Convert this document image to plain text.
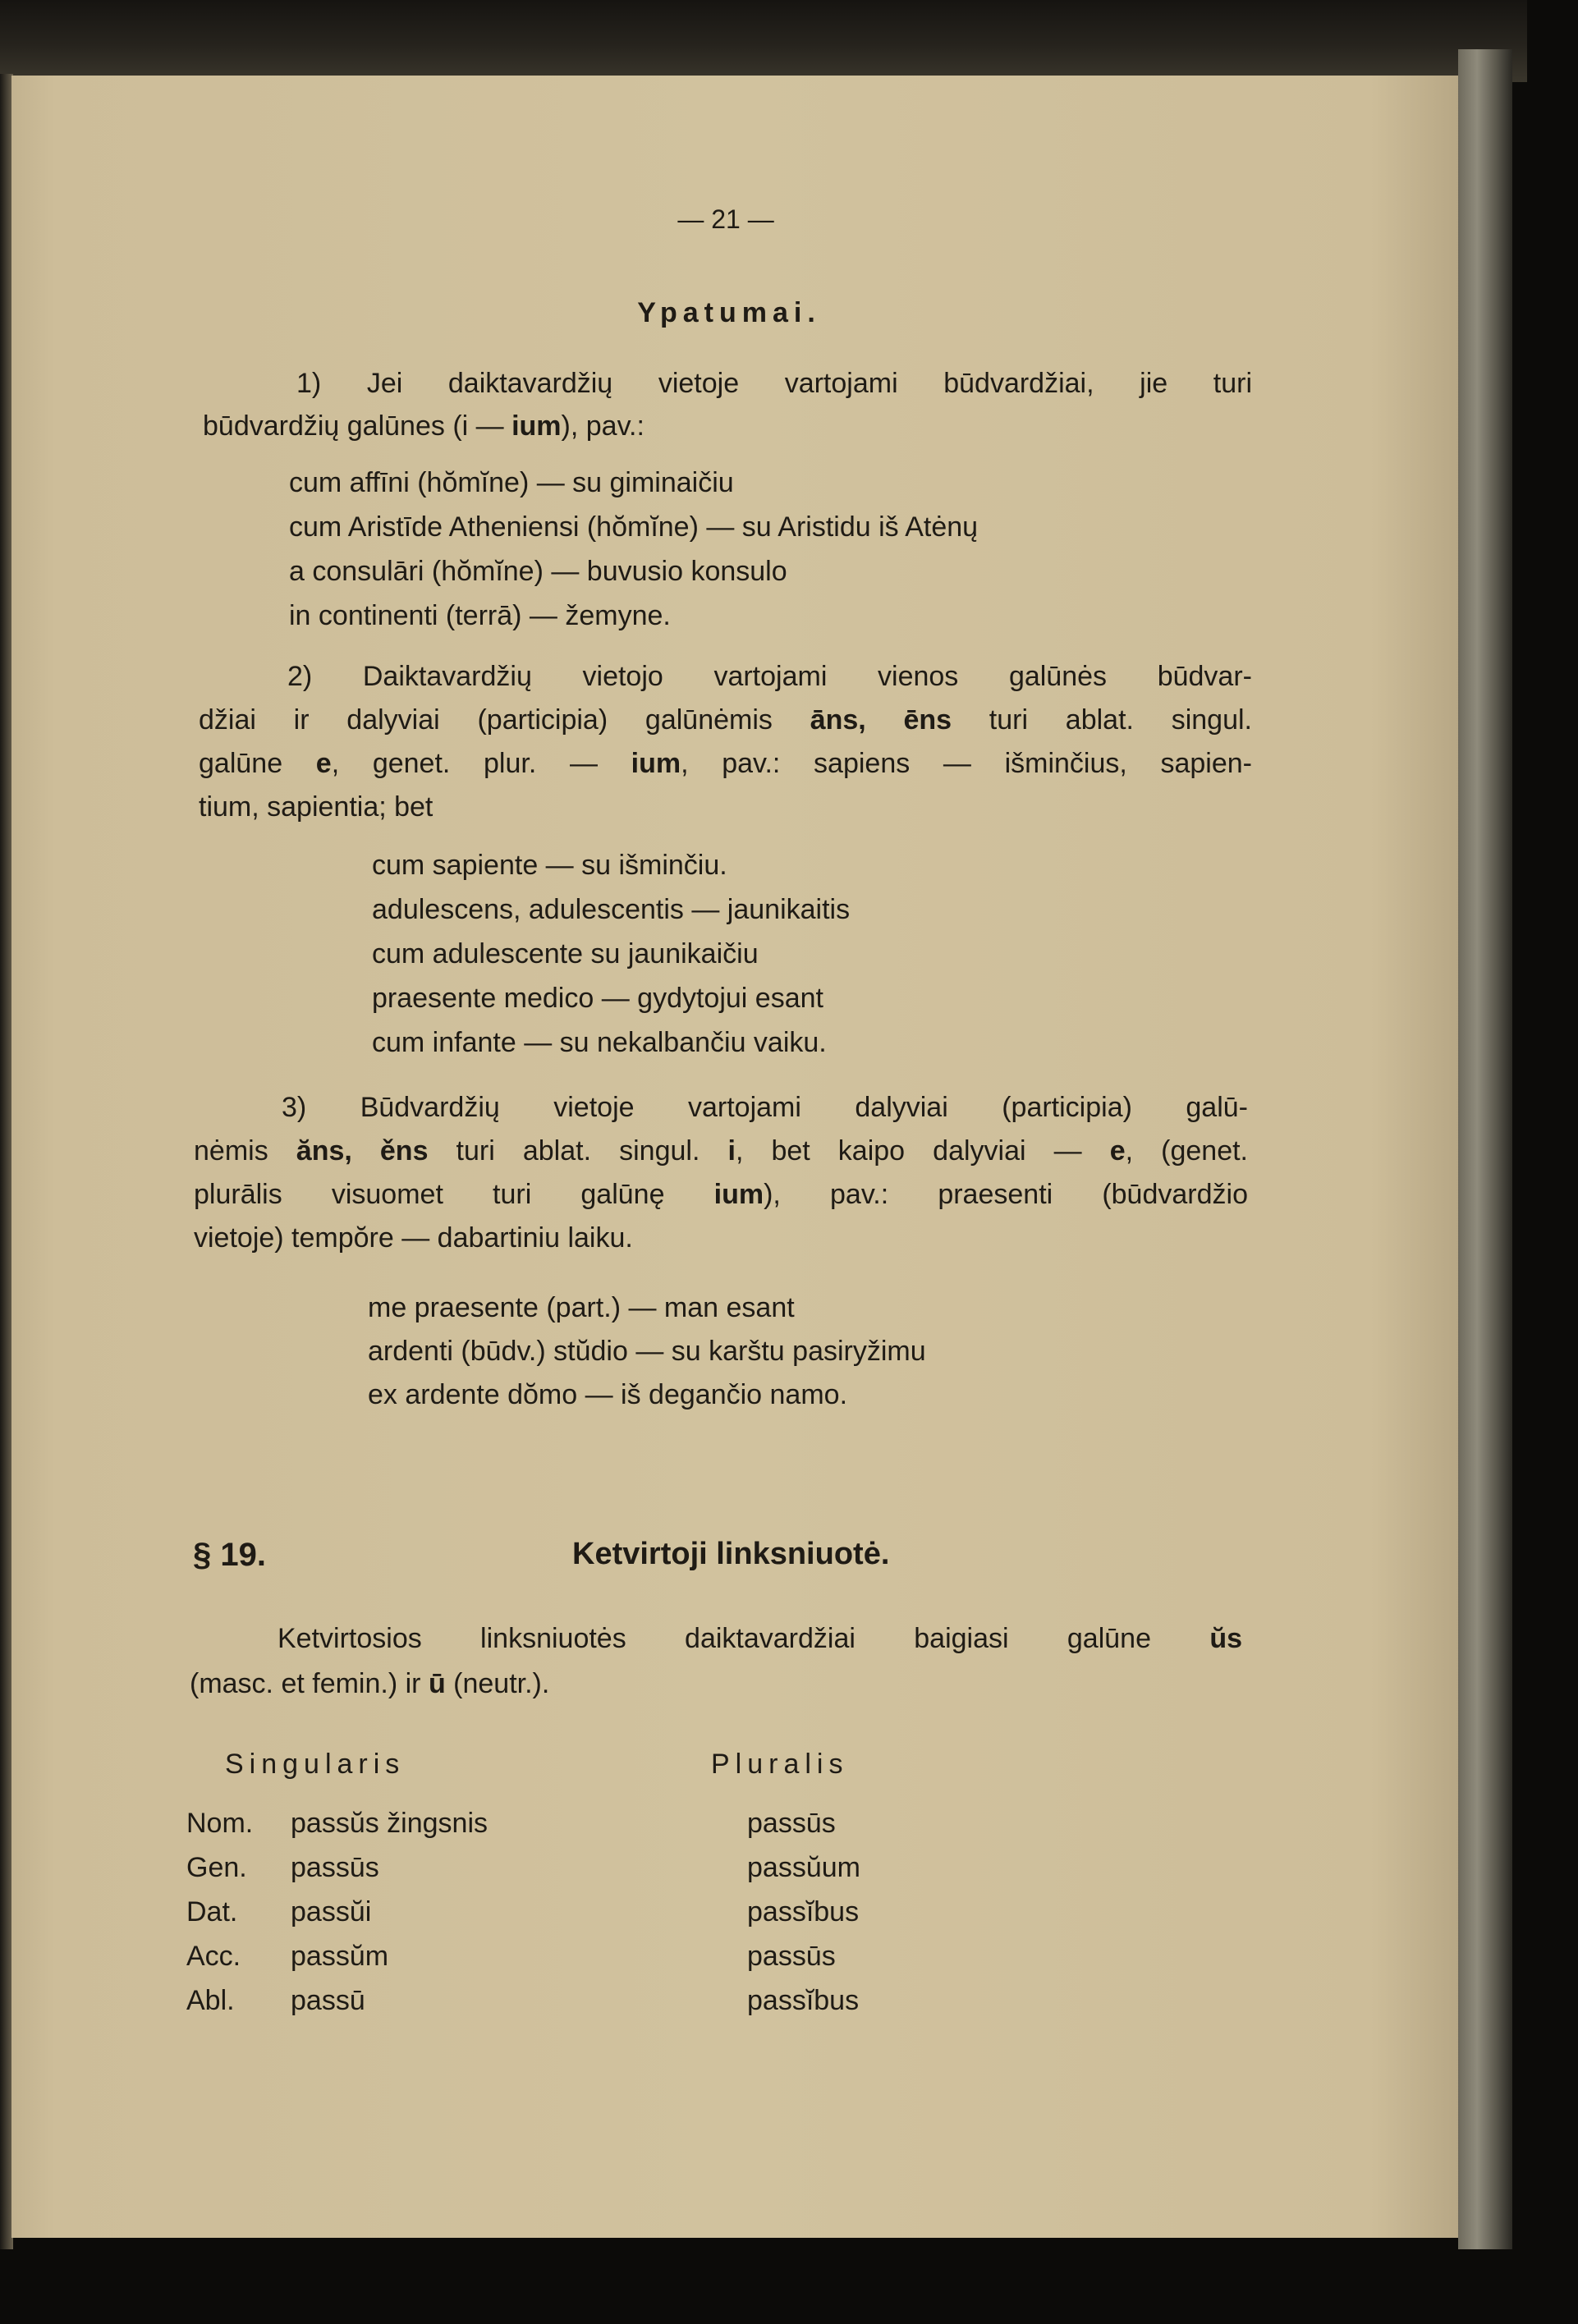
— 21 —
Ypatumai.
1) Jei daiktavardžių vietoje vartojami būdvardžiai, jie turi
būdvardžių galūnes (i — ium), pav.:
cum affīni (hŏmĭne) — su giminaičiu
cum Aristīde Atheniensi (hŏmĭne) — su Aristidu iš Atėnų
a consulāri (hŏmĭne) — buvusio konsulo
in continenti (terrā) — žemyne.
2) Daiktavardžių vietojo vartojami vienos galūnės būdvar-
džiai ir dalyviai (participia) galūnėmis āns, ēns turi ablat. singul.
galūne e, genet. plur. — ium, pav.: sapiens — išminčius, sapien-
tium, sapientia; bet
cum sapiente — su išminčiu.
adulescens, adulescentis — jaunikaitis
cum adulescente su jaunikaičiu
praesente medico — gydytojui esant
cum infante — su nekalbančiu vaiku.
3) Būdvardžių vietoje vartojami dalyviai (participia) galū-
nėmis ăns, ěns turi ablat. singul. i, bet kaipo dalyviai — e, (genet.
plurālis visuomet turi galūnę ium), pav.: praesenti (būdvardžio
vietoje) tempŏre — dabartiniu laiku.
me praesente (part.) — man esant
ardenti (būdv.) stŭdio — su karštu pasiryžimu
ex ardente dŏmo — iš degančio namo.
§ 19.	Ketvirtoji linksniuotė.
Ketvirtosios linksniuotės daiktavardžiai baigiasi galūne ŭs
(masc. et femin.) ir ū (neutr.).
Singularis	Pluralis
Nom. passŭs žingsnis	passūs
Gen. passūs	passŭum
Dat. passŭi	passĭbus
Acc. passŭm	passūs
Abl. passū	passĭbus
